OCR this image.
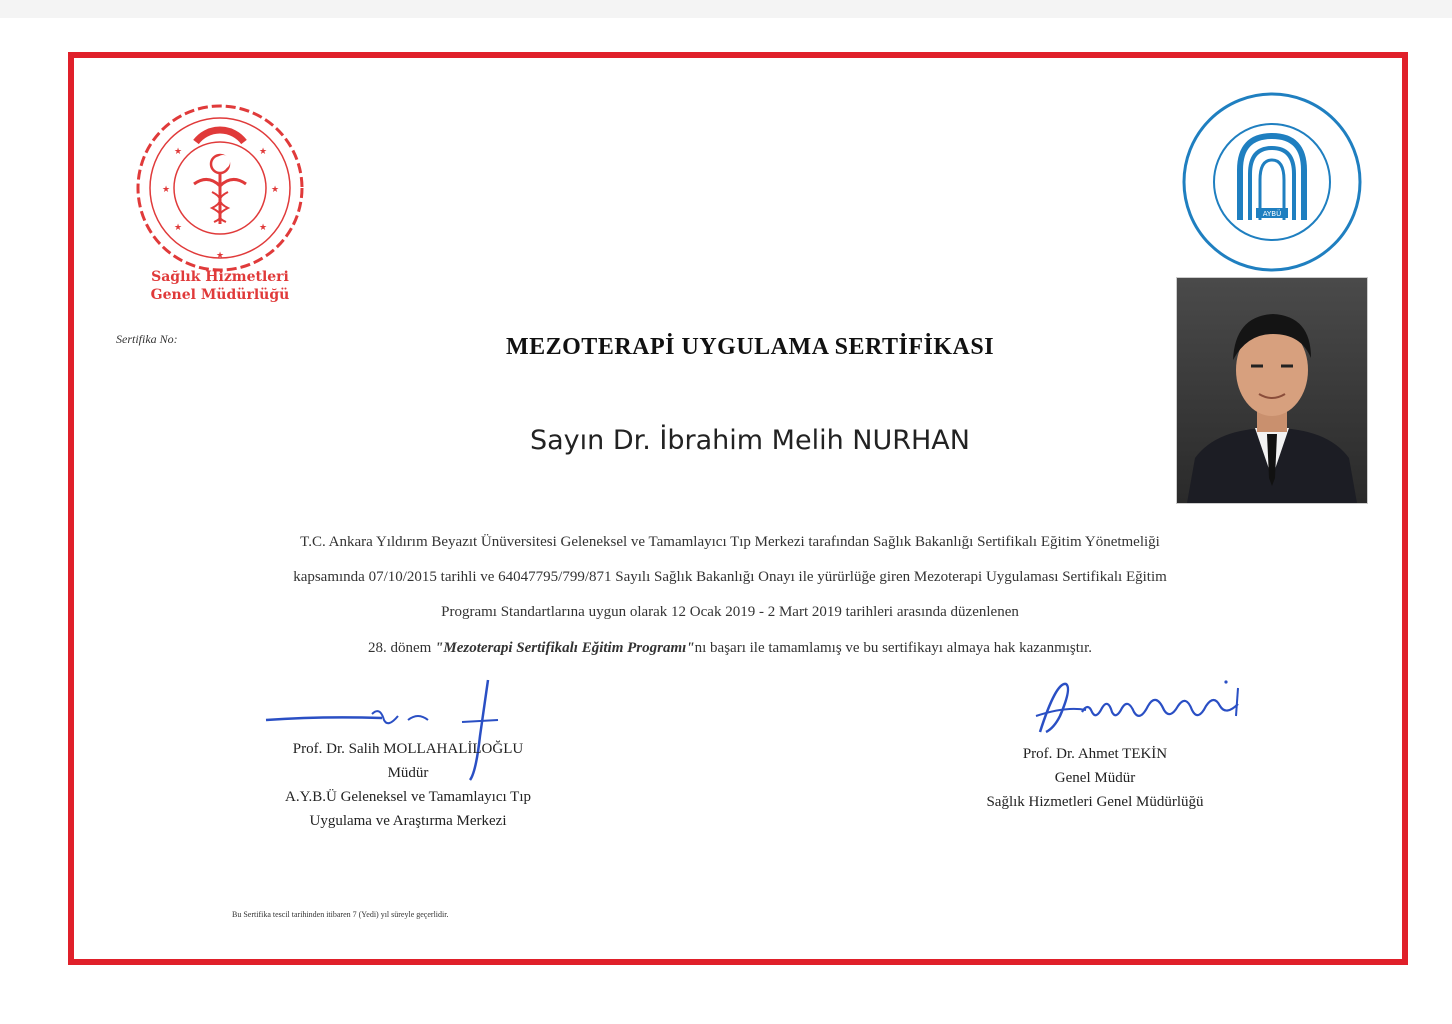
★	★
★	★
★	★
★
Sağlık Hizmetleri
Genel Müdürlüğü
AYBÜ
Sertifika No:	MEZOTERAPİ UYGULAMA SERTİFİKASI
Sayın Dr. İbrahim Melih NURHAN
T.C. Ankara Yıldırım Beyazıt Ünüversitesi Geleneksel ve Tamamlayıcı Tıp Merkezi tarafından Sağlık Bakanlığı Sertifikalı Eğitim Yönetmeliği
kapsamında 07/10/2015 tarihli ve 64047795/799/871 Sayılı Sağlık Bakanlığı Onayı ile yürürlüğe giren Mezoterapi Uygulaması Sertifikalı Eğitim
Programı Standartlarına uygun olarak 12 Ocak 2019 - 2 Mart 2019 tarihleri arasında düzenlenen
28. dönem "Mezoterapi Sertifikalı Eğitim Programı"nı başarı ile tamamlamış ve bu sertifikayı almaya hak kazanmıştır.
Prof. Dr. Salih MOLLAHALİLOĞLU
Müdür
A.Y.B.Ü Geleneksel ve Tamamlayıcı Tıp
Uygulama ve Araştırma Merkezi
Prof. Dr. Ahmet TEKİN
Genel Müdür
Sağlık Hizmetleri Genel Müdürlüğü
Bu Sertifika tescil tarihinden itibaren 7 (Yedi) yıl süreyle geçerlidir.
